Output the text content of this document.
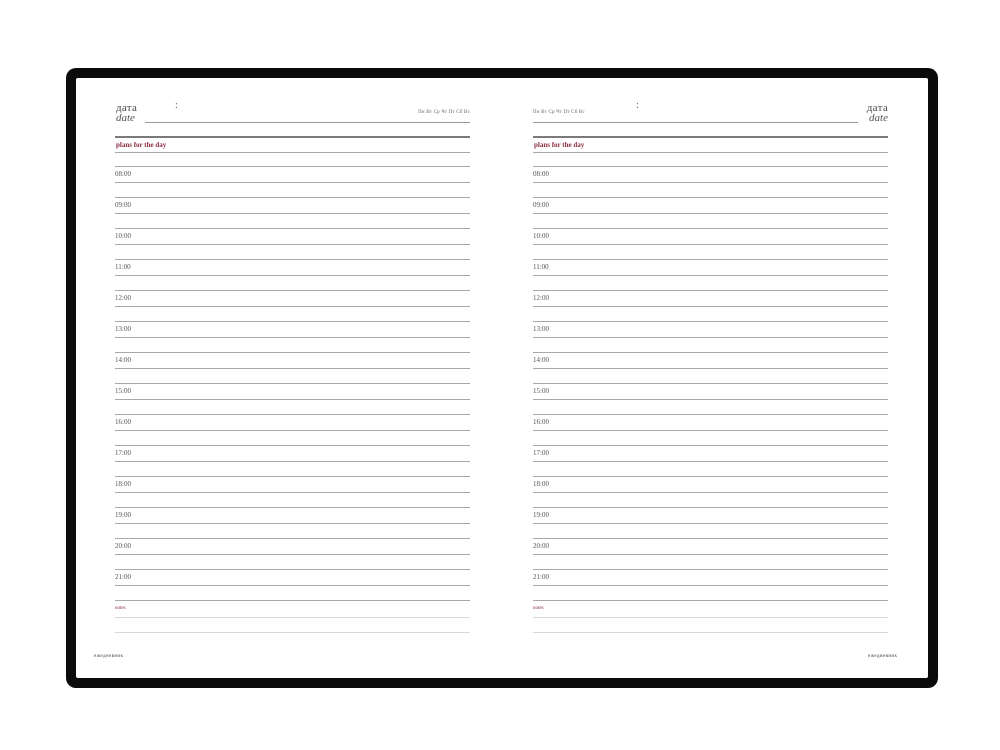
дата
date
:
Пн Вт Ср Чт Пт Сб Вс
plans for the day
08:00
09:00
10:00
11:00
12:00
13:00
14:00
15:00
16:00
17:00
18:00
19:00
20:00
21:00
notes
дата
date
:
Пн Вт Ср Чт Пт Сб Вс
plans for the day
08:00
09:00
10:00
11:00
12:00
13:00
14:00
15:00
16:00
17:00
18:00
19:00
20:00
21:00
notes
ежедневник	ежедневник
